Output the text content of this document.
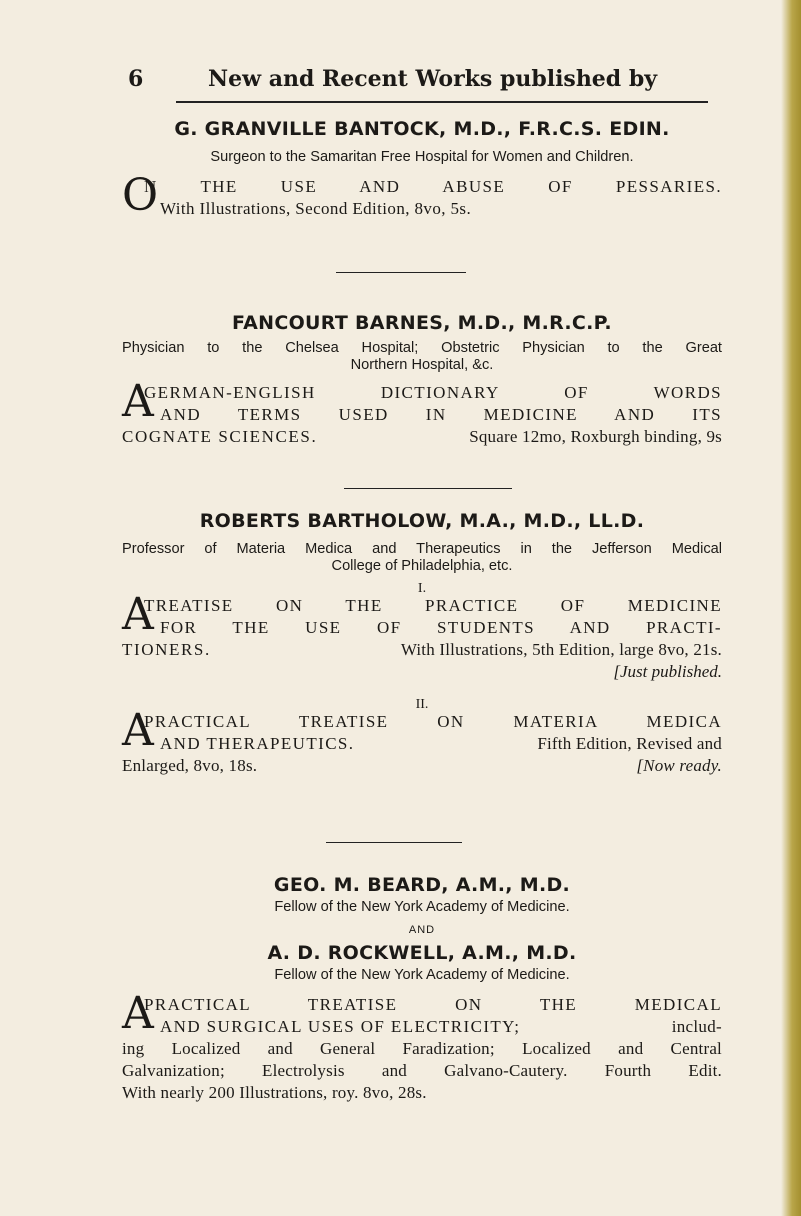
6	New and Recent Works published by
G. GRANVILLE BANTOCK, M.D., F.R.C.S. EDIN.
Surgeon to the Samaritan Free Hospital for Women and Children.
O
N THE USE AND ABUSE OF PESSARIES.
With Illustrations, Second Edition, 8vo, 5s.
FANCOURT BARNES, M.D., M.R.C.P.
Physician to the Chelsea Hospital; Obstetric Physician to the Great
Northern Hospital, &c.
A
GERMAN-ENGLISH DICTIONARY OF WORDS
AND TERMS USED IN MEDICINE AND ITS
COGNATE SCIENCES.	Square 12mo, Roxburgh binding, 9s
ROBERTS BARTHOLOW, M.A., M.D., LL.D.
Professor of Materia Medica and Therapeutics in the Jefferson Medical
College of Philadelphia, etc.
I.
A
TREATISE ON THE PRACTICE OF MEDICINE
FOR THE USE OF STUDENTS AND PRACTI-
TIONERS.	With Illustrations, 5th Edition, large 8vo, 21s.
[Just published.
II.
A
PRACTICAL TREATISE ON MATERIA MEDICA
AND THERAPEUTICS.	Fifth Edition, Revised and
Enlarged, 8vo, 18s.	[Now ready.
GEO. M. BEARD, A.M., M.D.
Fellow of the New York Academy of Medicine.
AND
A. D. ROCKWELL, A.M., M.D.
Fellow of the New York Academy of Medicine.
A
PRACTICAL TREATISE ON THE MEDICAL
AND SURGICAL USES OF ELECTRICITY;	includ-
ing Localized and General Faradization; Localized and Central
Galvanization; Electrolysis and Galvano-Cautery. Fourth Edit.
With nearly 200 Illustrations, roy. 8vo, 28s.
